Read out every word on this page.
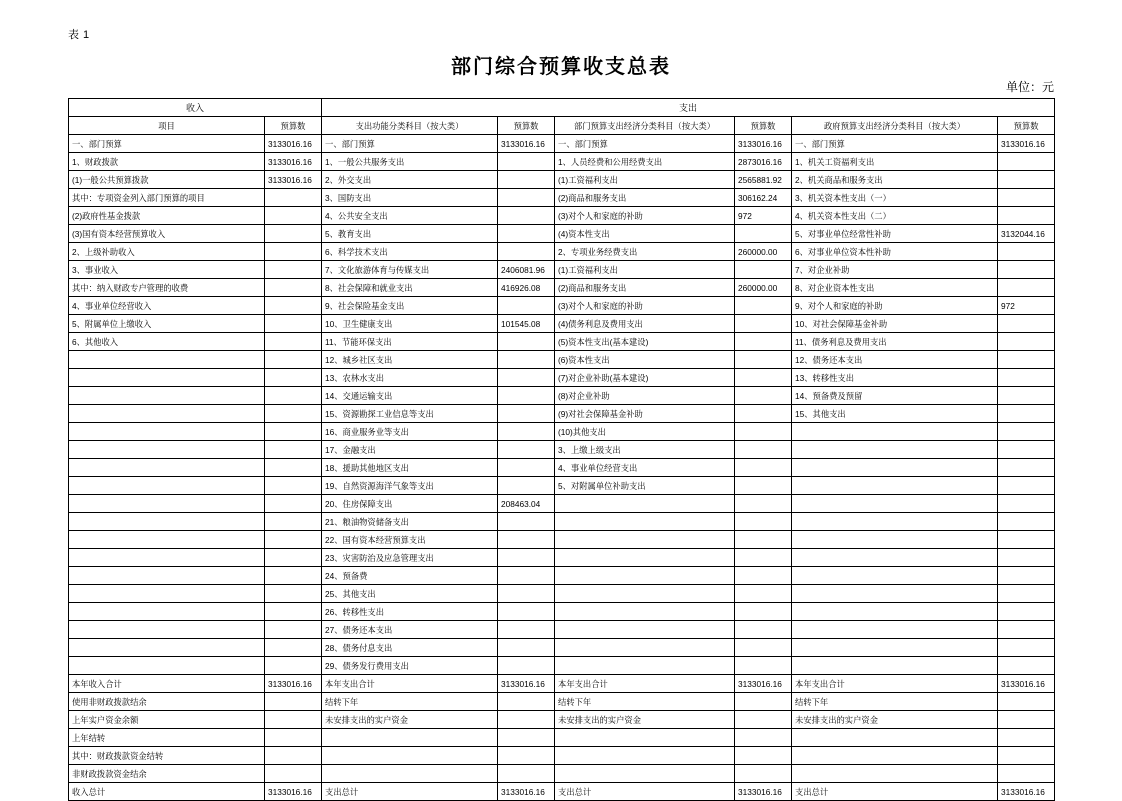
表 1
部门综合预算收支总表
单位：元
收入		支出					
项目	预算数	支出功能分类科目（按大类）	预算数	部门预算支出经济分类科目（按大类）	预算数	政府预算支出经济分类科目（按大类）	预算数
一、部门预算	3133016.16	一、部门预算	3133016.16	一、部门预算	3133016.16	一、部门预算	3133016.16
1、财政拨款	3133016.16	1、一般公共服务支出		1、人员经费和公用经费支出	2873016.16	1、机关工资福利支出	
(1)一般公共预算拨款	3133016.16	2、外交支出		(1)工资福利支出	2565881.92	2、机关商品和服务支出	
其中：专项资金列入部门预算的项目		3、国防支出		(2)商品和服务支出	306162.24	3、机关资本性支出（一）	
(2)政府性基金拨款		4、公共安全支出		(3)对个人和家庭的补助	972	4、机关资本性支出（二）	
(3)国有资本经营预算收入		5、教育支出		(4)资本性支出		5、对事业单位经常性补助	3132044.16
2、上级补助收入		6、科学技术支出		2、专项业务经费支出	260000.00	6、对事业单位资本性补助	
3、事业收入		7、文化旅游体育与传媒支出	2406081.96	(1)工资福利支出		7、对企业补助	
其中：纳入财政专户管理的收费		8、社会保障和就业支出	416926.08	(2)商品和服务支出	260000.00	8、对企业资本性支出	
4、事业单位经营收入		9、社会保险基金支出		(3)对个人和家庭的补助		9、对个人和家庭的补助	972
5、附属单位上缴收入		10、卫生健康支出	101545.08	(4)债务利息及费用支出		10、对社会保障基金补助	
6、其他收入		11、节能环保支出		(5)资本性支出(基本建设)		11、债务利息及费用支出	
		12、城乡社区支出		(6)资本性支出		12、债务还本支出	
		13、农林水支出		(7)对企业补助(基本建设)		13、转移性支出	
		14、交通运输支出		(8)对企业补助		14、预备费及预留	
		15、资源勘探工业信息等支出		(9)对社会保障基金补助		15、其他支出	
		16、商业服务业等支出		(10)其他支出			
		17、金融支出		3、上缴上级支出			
		18、援助其他地区支出		4、事业单位经营支出			
		19、自然资源海洋气象等支出		5、对附属单位补助支出			
		20、住房保障支出	208463.04				
		21、粮油物资储备支出					
		22、国有资本经营预算支出					
		23、灾害防治及应急管理支出					
		24、预备费					
		25、其他支出					
		26、转移性支出					
		27、债务还本支出					
		28、债务付息支出					
		29、债务发行费用支出					
本年收入合计	3133016.16	本年支出合计	3133016.16	本年支出合计	3133016.16	本年支出合计	3133016.16
使用非财政拨款结余		结转下年		结转下年		结转下年	
上年实户资金余额		未安排支出的实户资金		未安排支出的实户资金		未安排支出的实户资金	
上年结转							
其中：财政拨款资金结转							
非财政拨款资金结余							
收入总计	3133016.16	支出总计	3133016.16	支出总计	3133016.16	支出总计	3133016.16
